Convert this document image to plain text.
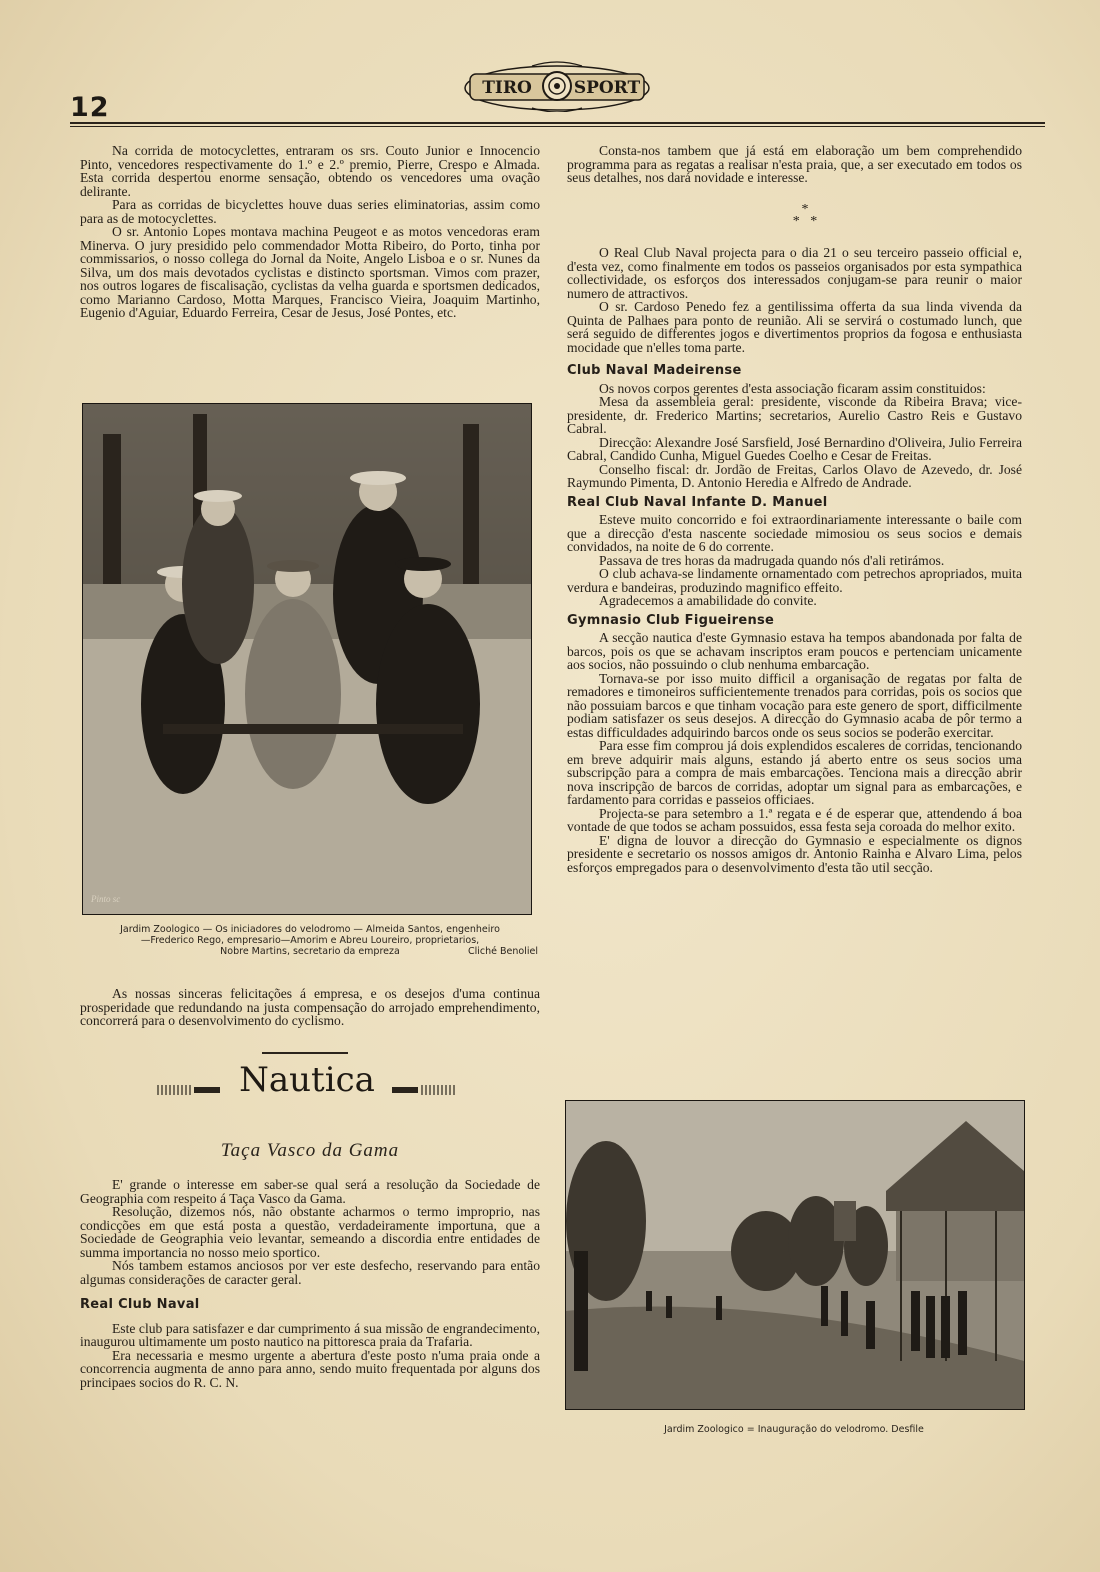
12
TIRO SPORT

Na corrida de motocyclettes, entraram os srs. Couto Junior e Innocencio Pinto, vencedores respectivamente do 1.º e 2.º premio, Pierre, Crespo e Almada. Esta corrida despertou enorme sensação, obtendo os vencedores uma ovação delirante.

Para as corridas de bicyclettes houve duas series eliminatorias, assim como para as de motocyclettes.

O sr. Antonio Lopes montava machina Peugeot e as motos vencedoras eram Minerva. O jury presidido pelo commendador Motta Ribeiro, do Porto, tinha por commissarios, o nosso collega do Jornal da Noite, Angelo Lisboa e o sr. Nunes da Silva, um dos mais devotados cyclistas e distincto sportsman. Vimos com prazer, nos outros logares de fiscalisação, cyclistas da velha guarda e sportsmen dedicados, como Marianno Cardoso, Motta Marques, Francisco Vieira, Joaquim Martinho, Eugenio d'Aguiar, Eduardo Ferreira, Cesar de Jesus, José Pontes, etc.

Pinto sc
Jardim Zoologico — Os iniciadores do velodromo — Almeida Santos, engenheiro
—Frederico Rego, empresario—Amorim e Abreu Loureiro, proprietarios,
Nobre Martins, secretario da empreza	Cliché Benoliel

As nossas sinceras felicitações á empresa, e os desejos d'uma continua prosperidade que redundando na justa compensação do arrojado emprehendimento, concorrerá para o desenvolvimento do cyclismo.

Nautica
Taça Vasco da Gama

E' grande o interesse em saber-se qual será a resolução da Sociedade de Geographia com respeito á Taça Vasco da Gama.

Resolução, dizemos nós, não obstante acharmos o termo improprio, nas condicções em que está posta a questão, verdadeiramente importuna, que a Sociedade de Geographia veio levantar, semeando a discordia entre entidades de summa importancia no nosso meio sportico.

Nós tambem estamos anciosos por ver este desfecho, reservando para então algumas considerações de caracter geral.

Real Club Naval

Este club para satisfazer e dar cumprimento á sua missão de engrandecimento, inaugurou ultimamente um posto nautico na pittoresca praia da Trafaria.

Era necessaria e mesmo urgente a abertura d'este posto n'uma praia onde a concorrencia augmenta de anno para anno, sendo muito frequentada por alguns dos principaes socios do R. C. N.

Consta-nos tambem que já está em elaboração um bem comprehendido programma para as regatas a realisar n'esta praia, que, a ser executado em todos os seus detalhes, nos dará novidade e interesse.

*
*   *

O Real Club Naval projecta para o dia 21 o seu terceiro passeio official e, d'esta vez, como finalmente em todos os passeios organisados por esta sympathica collectividade, os esforços dos interessados conjugam-se para reunir o maior numero de attractivos.

O sr. Cardoso Penedo fez a gentilissima offerta da sua linda vivenda da Quinta de Palhaes para ponto de reunião. Ali se servirá o costumado lunch, que será seguido de differentes jogos e divertimentos proprios da fogosa e enthusiasta mocidade que n'elles toma parte.

Club Naval Madeirense

Os novos corpos gerentes d'esta associação ficaram assim constituidos:

Mesa da assembleia geral: presidente, visconde da Ribeira Brava; vice-presidente, dr. Frederico Martins; secretarios, Aurelio Castro Reis e Gustavo Cabral.

Direcção: Alexandre José Sarsfield, José Bernardino d'Oliveira, Julio Ferreira Cabral, Candido Cunha, Miguel Guedes Coelho e Cesar de Freitas.

Conselho fiscal: dr. Jordão de Freitas, Carlos Olavo de Azevedo, dr. José Raymundo Pimenta, D. Antonio Heredia e Alfredo de Andrade.

Real Club Naval Infante D. Manuel

Esteve muito concorrido e foi extraordinariamente interessante o baile com que a direcção d'esta nascente sociedade mimosiou os seus socios e demais convidados, na noite de 6 do corrente.

Passava de tres horas da madrugada quando nós d'ali retirámos.

O club achava-se lindamente ornamentado com petrechos apropriados, muita verdura e bandeiras, produzindo magnifico effeito.

Agradecemos a amabilidade do convite.

Gymnasio Club Figueirense

A secção nautica d'este Gymnasio estava ha tempos abandonada por falta de barcos, pois os que se achavam inscriptos eram poucos e pertenciam unicamente aos socios, não possuindo o club nenhuma embarcação.

Tornava-se por isso muito difficil a organisação de regatas por falta de remadores e timoneiros sufficientemente trenados para corridas, pois os socios que não possuiam barcos e que tinham vocação para este genero de sport, difficilmente podiam satisfazer os seus desejos. A direcção do Gymnasio acaba de pôr termo a estas difficuldades adquirindo barcos onde os seus socios se poderão exercitar.

Para esse fim comprou já dois explendidos escaleres de corridas, tencionando em breve adquirir mais alguns, estando já aberto entre os seus socios uma subscripção para a compra de mais embarcações. Tenciona mais a direcção abrir nova inscripção de barcos de corridas, adoptar um signal para as embarcações, e fardamento para corridas e passeios officiaes.

Projecta-se para setembro a 1.ª regata e é de esperar que, attendendo á boa vontade de que todos se acham possuidos, essa festa seja coroada do melhor exito.

E' digna de louvor a direcção do Gymnasio e especialmente os dignos presidente e secretario os nossos amigos dr. Antonio Rainha e Alvaro Lima, pelos esforços empregados para o desenvolvimento d'esta tão util secção.

Jardim Zoologico = Inauguração do velodromo. Desfile
